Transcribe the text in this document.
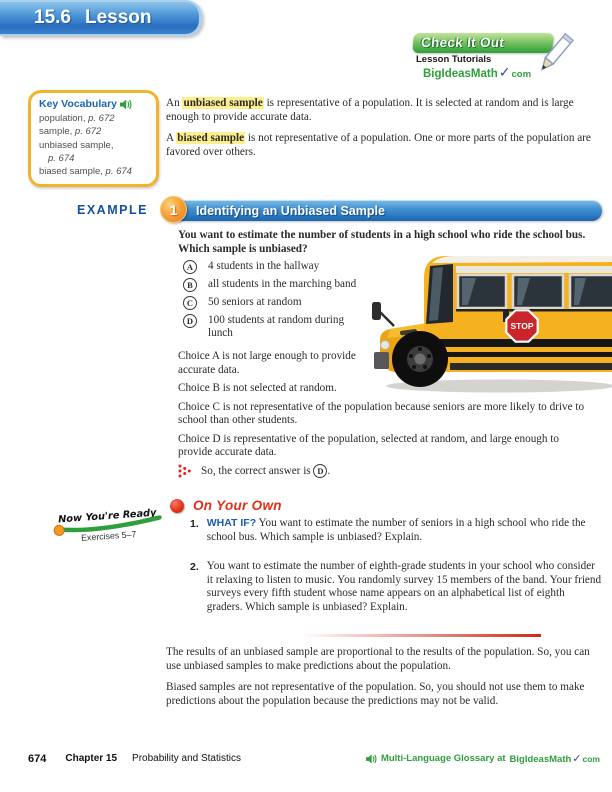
15.6 Lesson
Check It Out
Lesson Tutorials
BigIdeasMath✓com
Key Vocabulary
population, p. 672
sample, p. 672
unbiased sample,
p. 674
biased sample, p. 674

An unbiased sample is representative of a population. It is selected at random and is large enough to provide accurate data.

A biased sample is not representative of a population. One or more parts of the population are favored over others.

EXAMPLE	1	Identifying an Unbiased Sample
You want to estimate the number of students in a high school who ride the school bus. Which sample is unbiased?
A	4 students in the hallway
B	all students in the marching band
C	50 seniors at random
D	100 students at random during lunch
STOP

Choice A is not large enough to provide accurate data.

Choice B is not selected at random.

Choice C is not representative of the population because seniors are more likely to drive to school than other students.

Choice D is representative of the population, selected at random, and large enough to provide accurate data.

So, the correct answer is D .
On Your Own
Now You're Ready
Exercises 5–7
1. WHAT IF? You want to estimate the number of seniors in a high school who ride the school bus. Which sample is unbiased? Explain.
2. You want to estimate the number of eighth-grade students in your school who consider it relaxing to listen to music. You randomly survey 15 members of the band. Your friend surveys every fifth student whose name appears on an alphabetical list of eighth graders. Which sample is unbiased? Explain.

The results of an unbiased sample are proportional to the results of the population. So, you can use unbiased samples to make predictions about the population.

Biased samples are not representative of the population. So, you should not use them to make predictions about the population because the predictions may not be valid.

674 Chapter 15 Probability and Statistics	Multi-Language Glossary at BigIdeasMath✓com
